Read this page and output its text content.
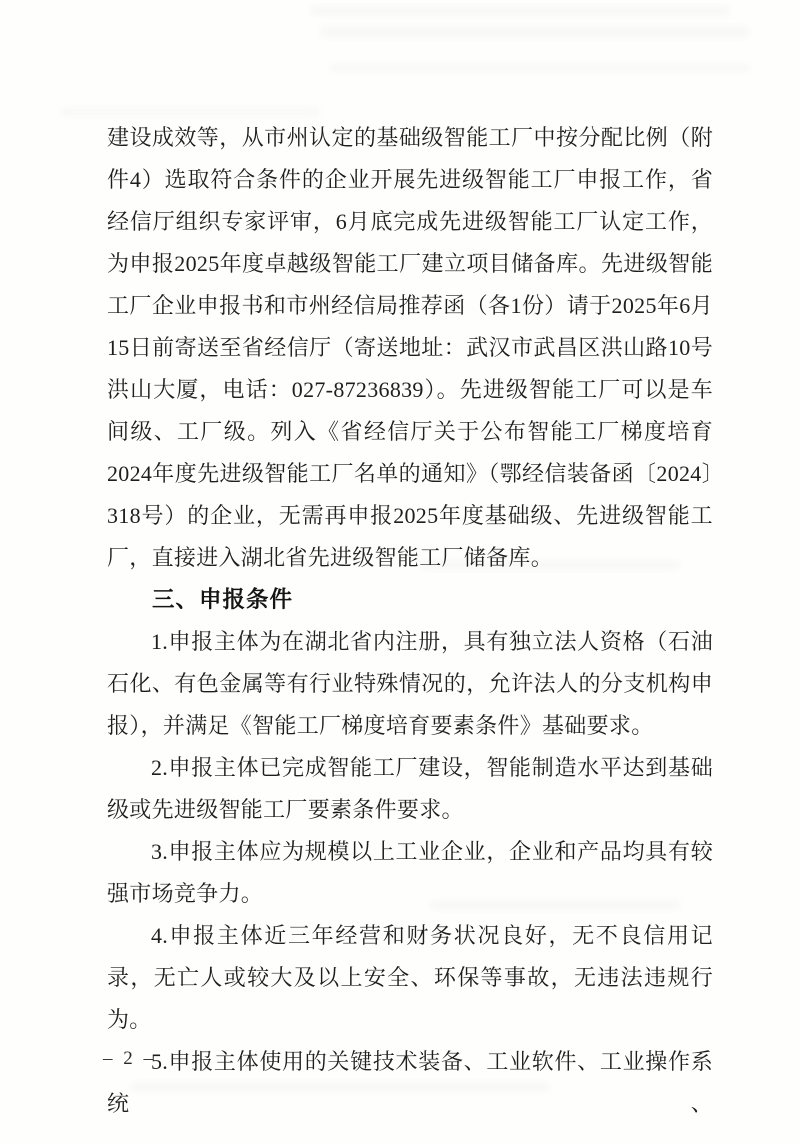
建设成效等，从市州认定的基础级智能工厂中按分配比例（附件4）选取符合条件的企业开展先进级智能工厂申报工作，省经信厅组织专家评审，6月底完成先进级智能工厂认定工作，为申报2025年度卓越级智能工厂建立项目储备库。先进级智能工厂企业申报书和市州经信局推荐函（各1份）请于2025年6月15日前寄送至省经信厅（寄送地址：武汉市武昌区洪山路10号洪山大厦，电话：027-87236839）。先进级智能工厂可以是车间级、工厂级。列入《省经信厅关于公布智能工厂梯度培育2024年度先进级智能工厂名单的通知》（鄂经信装备函〔2024〕318号）的企业，无需再申报2025年度基础级、先进级智能工厂，直接进入湖北省先进级智能工厂储备库。

三、申报条件

1.申报主体为在湖北省内注册，具有独立法人资格（石油石化、有色金属等有行业特殊情况的，允许法人的分支机构申报），并满足《智能工厂梯度培育要素条件》基础要求。

2.申报主体已完成智能工厂建设，智能制造水平达到基础级或先进级智能工厂要素条件要求。

3.申报主体应为规模以上工业企业，企业和产品均具有较强市场竞争力。

4.申报主体近三年经营和财务状况良好，无不良信用记录，无亡人或较大及以上安全、环保等事故，无违法违规行为。

5.申报主体使用的关键技术装备、工业软件、工业操作系统、

– 2 –
